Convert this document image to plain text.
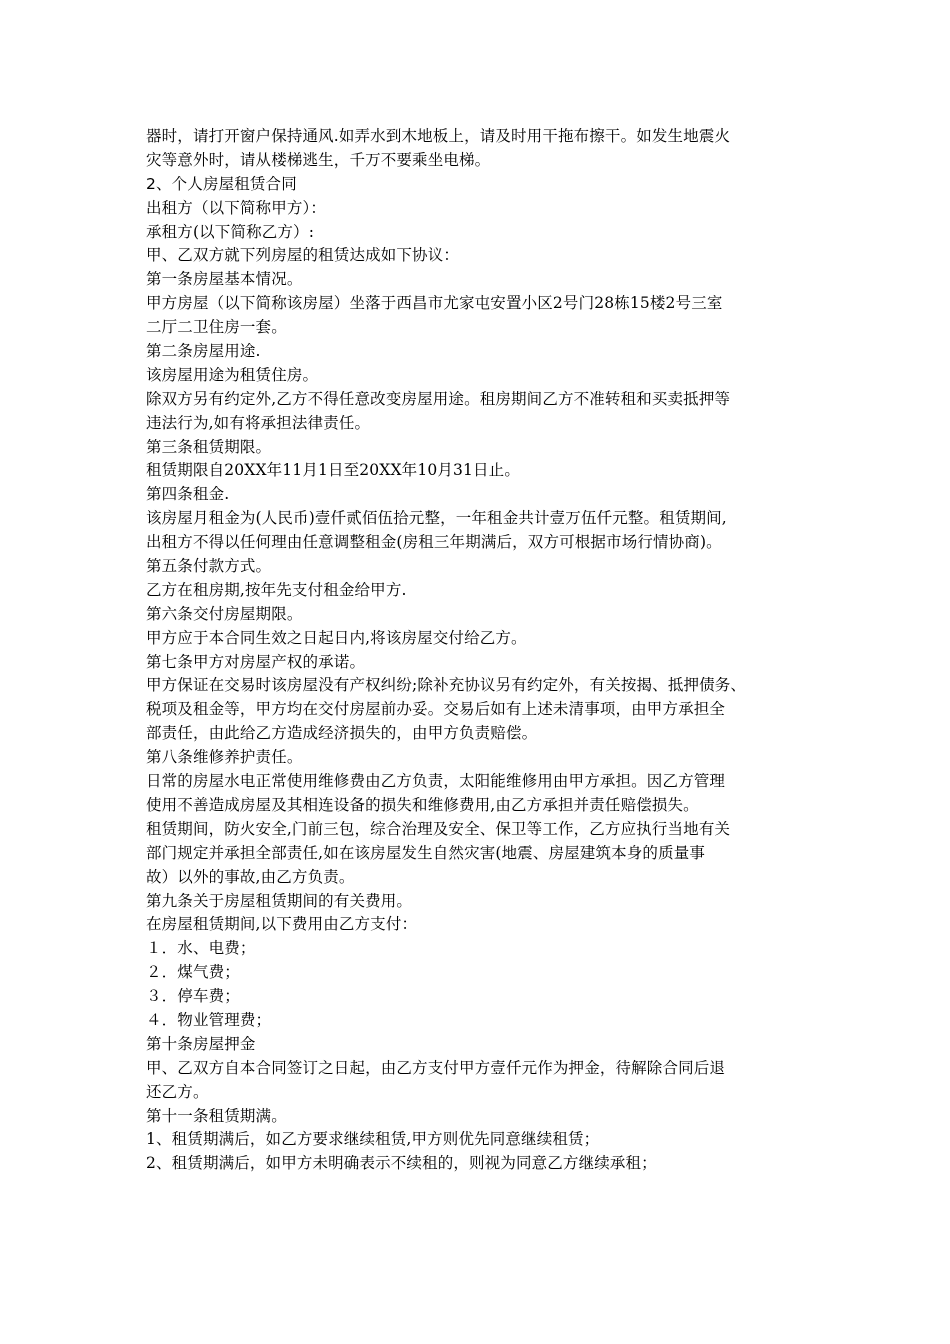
器时，请打开窗户保持通风.如弄水到木地板上，请及时用干拖布擦干。如发生地震火
灾等意外时，请从楼梯逃生，千万不要乘坐电梯。
2、个人房屋租赁合同
出租方（以下简称甲方）：
承租方(以下简称乙方）:
甲、乙双方就下列房屋的租赁达成如下协议：
第一条房屋基本情况。
甲方房屋（以下简称该房屋）坐落于西昌市尤家屯安置小区2号门28栋15楼2号三室
二厅二卫住房一套。
第二条房屋用途.
该房屋用途为租赁住房。
除双方另有约定外,乙方不得任意改变房屋用途。租房期间乙方不准转租和买卖抵押等
违法行为,如有将承担法律责任。
第三条租赁期限。
租赁期限自20XX年11月1日至20XX年10月31日止。
第四条租金.
该房屋月租金为(人民币)壹仟贰佰伍拾元整，一年租金共计壹万伍仟元整。租赁期间,
出租方不得以任何理由任意调整租金(房租三年期满后，双方可根据市场行情协商)。
第五条付款方式。
乙方在租房期,按年先支付租金给甲方.
第六条交付房屋期限。
甲方应于本合同生效之日起日内,将该房屋交付给乙方。
第七条甲方对房屋产权的承诺。
甲方保证在交易时该房屋没有产权纠纷;除补充协议另有约定外，有关按揭、抵押债务、
税项及租金等，甲方均在交付房屋前办妥。交易后如有上述未清事项，由甲方承担全
部责任，由此给乙方造成经济损失的，由甲方负责赔偿。
第八条维修养护责任。
日常的房屋水电正常使用维修费由乙方负责，太阳能维修用由甲方承担。因乙方管理
使用不善造成房屋及其相连设备的损失和维修费用,由乙方承担并责任赔偿损失。
租赁期间，防火安全,门前三包，综合治理及安全、保卫等工作，乙方应执行当地有关
部门规定并承担全部责任,如在该房屋发生自然灾害(地震、房屋建筑本身的质量事
故）以外的事故,由乙方负责。
第九条关于房屋租赁期间的有关费用。
在房屋租赁期间,以下费用由乙方支付：
１．水、电费；
２．煤气费；
３．停车费；
４．物业管理费；
第十条房屋押金
甲、乙双方自本合同签订之日起，由乙方支付甲方壹仟元作为押金，待解除合同后退
还乙方。
第十一条租赁期满。
1、租赁期满后，如乙方要求继续租赁,甲方则优先同意继续租赁；
2、租赁期满后，如甲方未明确表示不续租的，则视为同意乙方继续承租；
